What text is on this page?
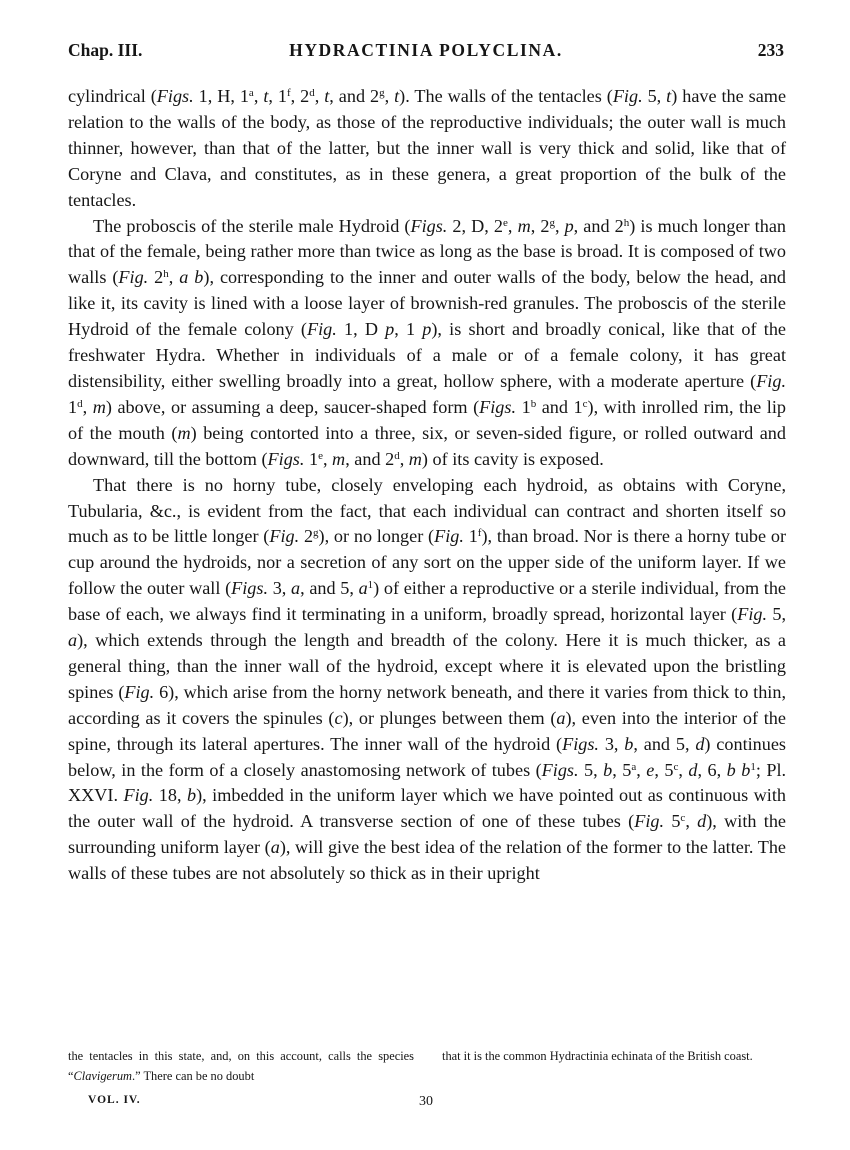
Chap. III.	HYDRACTINIA POLYCLINA.	233

cylindrical (Figs. 1, H, 1$^a$, t, 1$^f$, 2$^d$, t, and 2$^g$, t). The walls of the tentacles (Fig. 5, t) have the same relation to the walls of the body, as those of the reproductive individuals; the outer wall is much thinner, however, than that of the latter, but the inner wall is very thick and solid, like that of Coryne and Clava, and constitutes, as in these genera, a great proportion of the bulk of the tentacles.

The proboscis of the sterile male Hydroid (Figs. 2, D, 2e, m, 2$^g$, p, and 2$^h$) is much longer than that of the female, being rather more than twice as long as the base is broad. It is composed of two walls (Fig. 2$^h$, a b), corresponding to the inner and outer walls of the body, below the head, and like it, its cavity is lined with a loose layer of brownish-red granules. The proboscis of the sterile Hydroid of the female colony (Fig. 1, D p, 1 p), is short and broadly conical, like that of the freshwater Hydra. Whether in individuals of a male or of a female colony, it has great distensibility, either swelling broadly into a great, hollow sphere, with a moderate aperture (Fig. 1$^d$, m) above, or assuming a deep, saucer-shaped form (Figs. 1$^b$ and 1$^c$), with inrolled rim, the lip of the mouth (m) being contorted into a three, six, or seven-sided figure, or rolled outward and downward, till the bottom (Figs. 1e, m, and 2$^d$, m) of its cavity is exposed.

That there is no horny tube, closely enveloping each hydroid, as obtains with Coryne, Tubularia, &c., is evident from the fact, that each individual can contract and shorten itself so much as to be little longer (Fig. 2$^g$), or no longer (Fig. 1$^f$), than broad. Nor is there a horny tube or cup around the hydroids, nor a secretion of any sort on the upper side of the uniform layer. If we follow the outer wall (Figs. 3, a, and 5, $a^1$) of either a reproductive or a sterile individual, from the base of each, we always find it terminating in a uniform, broadly spread, horizontal layer (Fig. 5, a), which extends through the length and breadth of the colony. Here it is much thicker, as a general thing, than the inner wall of the hydroid, except where it is elevated upon the bristling spines (Fig. 6), which arise from the horny network beneath, and there it varies from thick to thin, according as it covers the spinules (c), or plunges between them (a), even into the interior of the spine, through its lateral apertures. The inner wall of the hydroid (Figs. 3, b, and 5, d) continues below, in the form of a closely anastomosing network of tubes (Figs. 5, b, 5$^a$, e, 5$^c$, d, 6, b $b^1$; Pl. XXVI. Fig. 18, b), imbedded in the uniform layer which we have pointed out as continuous with the outer wall of the hydroid. A transverse section of one of these tubes (Fig. 5$^c$, d), with the surrounding uniform layer (a), will give the best idea of the relation of the former to the latter. The walls of these tubes are not absolutely so thick as in their upright

the tentacles in this state, and, on this account, calls the species “Clavigerum.” There can be no doubt
that it is the common Hydractinia echinata of the British coast.
VOL. IV.	30
